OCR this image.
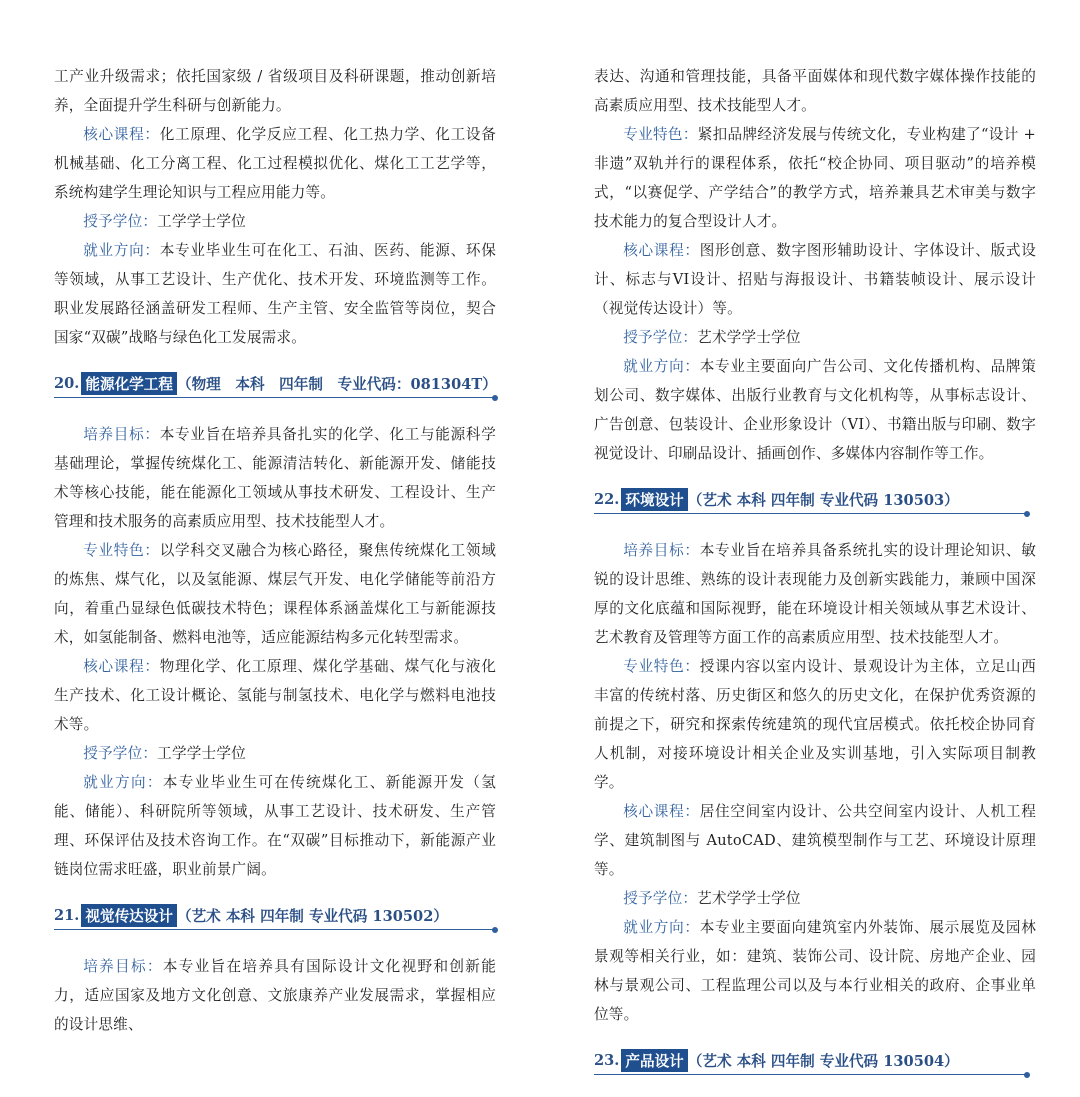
工产业升级需求；依托国家级 / 省级项目及科研课题，推动创新培养，全面提升学生科研与创新能力。

核心课程：化工原理、化学反应工程、化工热力学、化工设备机械基础、化工分离工程、化工过程模拟优化、煤化工工艺学等，系统构建学生理论知识与工程应用能力等。

授予学位：工学学士学位

就业方向：本专业毕业生可在化工、石油、医药、能源、环保等领域，从事工艺设计、生产优化、技术开发、环境监测等工作。职业发展路径涵盖研发工程师、生产主管、安全监管等岗位，契合国家“双碳”战略与绿色化工发展需求。

20. 能源化学工程 （物理　本科　四年制　专业代码：081304T）

培养目标：本专业旨在培养具备扎实的化学、化工与能源科学基础理论，掌握传统煤化工、能源清洁转化、新能源开发、储能技术等核心技能，能在能源化工领域从事技术研发、工程设计、生产管理和技术服务的高素质应用型、技术技能型人才。

专业特色：以学科交叉融合为核心路径，聚焦传统煤化工领域的炼焦、煤气化，以及氢能源、煤层气开发、电化学储能等前沿方向，着重凸显绿色低碳技术特色；课程体系涵盖煤化工与新能源技术，如氢能制备、燃料电池等，适应能源结构多元化转型需求。

核心课程：物理化学、化工原理、煤化学基础、煤气化与液化生产技术、化工设计概论、氢能与制氢技术、电化学与燃料电池技术等。

授予学位：工学学士学位

就业方向：本专业毕业生可在传统煤化工、新能源开发（氢能、储能）、科研院所等领域，从事工艺设计、技术研发、生产管理、环保评估及技术咨询工作。在“双碳”目标推动下，新能源产业链岗位需求旺盛，职业前景广阔。

21. 视觉传达设计 （艺术 本科 四年制 专业代码 130502）

培养目标：本专业旨在培养具有国际设计文化视野和创新能力，适应国家及地方文化创意、文旅康养产业发展需求，掌握相应的设计思维、

表达、沟通和管理技能，具备平面媒体和现代数字媒体操作技能的高素质应用型、技术技能型人才。

专业特色：紧扣品牌经济发展与传统文化，专业构建了“设计 + 非遗”双轨并行的课程体系，依托“校企协同、项目驱动”的培养模式，“以赛促学、产学结合”的教学方式，培养兼具艺术审美与数字技术能力的复合型设计人才。

核心课程：图形创意、数字图形辅助设计、字体设计、版式设计、标志与VI设计、招贴与海报设计、书籍装帧设计、展示设计（视觉传达设计）等。

授予学位：艺术学学士学位

就业方向：本专业主要面向广告公司、文化传播机构、品牌策划公司、数字媒体、出版行业教育与文化机构等，从事标志设计、广告创意、包装设计、企业形象设计（VI）、书籍出版与印刷、数字视觉设计、印刷品设计、插画创作、多媒体内容制作等工作。

22. 环境设计 （艺术 本科 四年制 专业代码 130503）

培养目标：本专业旨在培养具备系统扎实的设计理论知识、敏锐的设计思维、熟练的设计表现能力及创新实践能力，兼顾中国深厚的文化底蕴和国际视野，能在环境设计相关领域从事艺术设计、艺术教育及管理等方面工作的高素质应用型、技术技能型人才。

专业特色：授课内容以室内设计、景观设计为主体，立足山西丰富的传统村落、历史街区和悠久的历史文化，在保护优秀资源的前提之下，研究和探索传统建筑的现代宜居模式。依托校企协同育人机制，对接环境设计相关企业及实训基地，引入实际项目制教学。

核心课程：居住空间室内设计、公共空间室内设计、人机工程学、建筑制图与 AutoCAD、建筑模型制作与工艺、环境设计原理等。

授予学位：艺术学学士学位

就业方向：本专业主要面向建筑室内外装饰、展示展览及园林景观等相关行业，如：建筑、装饰公司、设计院、房地产企业、园林与景观公司、工程监理公司以及与本行业相关的政府、企事业单位等。

23. 产品设计 （艺术 本科 四年制 专业代码 130504）
